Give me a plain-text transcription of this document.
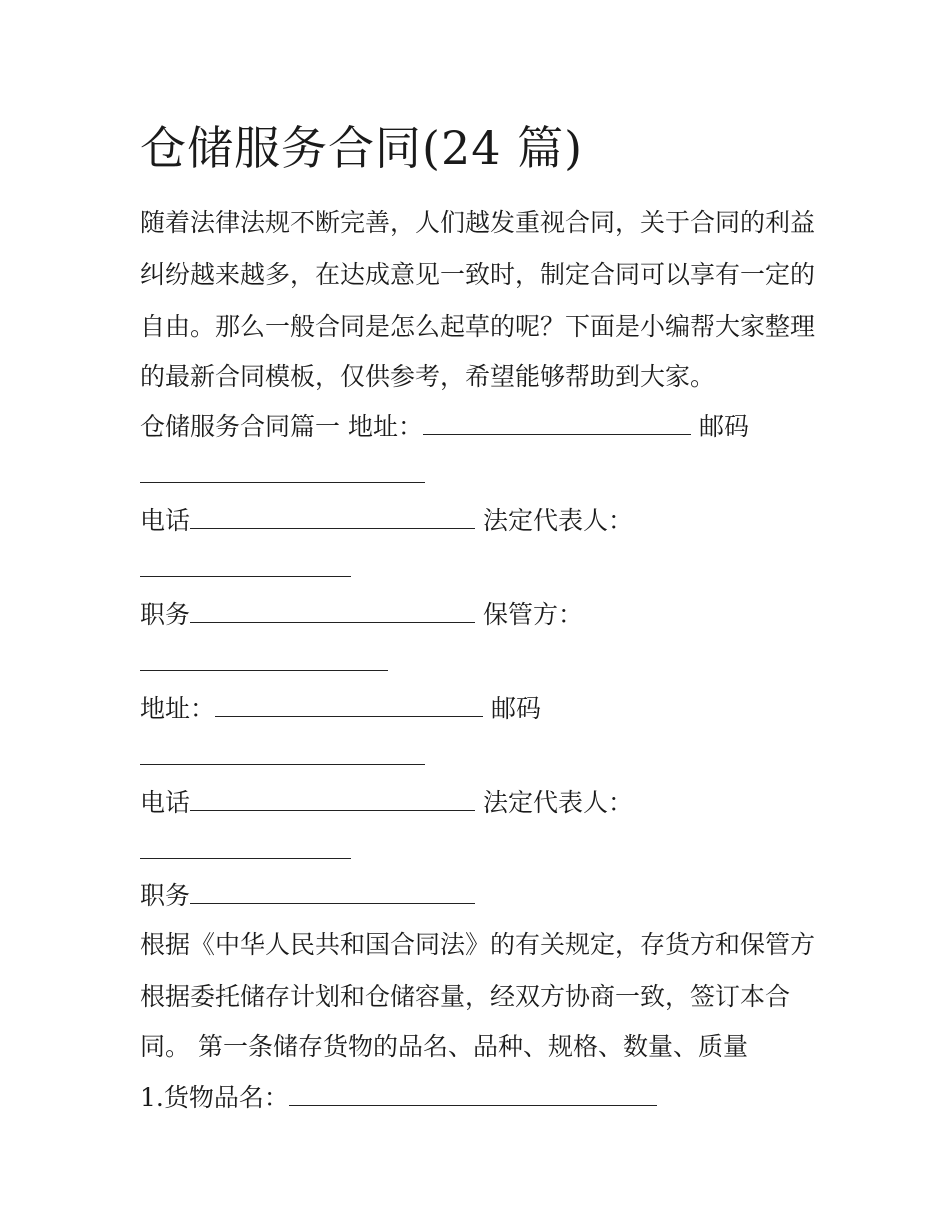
仓储服务合同(24 篇)
随着法律法规不断完善，人们越发重视合同，关于合同的利益
纠纷越来越多，在达成意见一致时，制定合同可以享有一定的
自由。那么一般合同是怎么起草的呢？下面是小编帮大家整理
的最新合同模板，仅供参考，希望能够帮助到大家。
仓储服务合同篇一 地址：	邮码
电话	法定代表人：
职务	保管方：
地址：	邮码
电话	法定代表人：
职务
根据《中华人民共和国合同法》的有关规定，存货方和保管方
根据委托储存计划和仓储容量，经双方协商一致，签订本合
同。 第一条储存货物的品名、品种、规格、数量、质量
1.货物品名：
